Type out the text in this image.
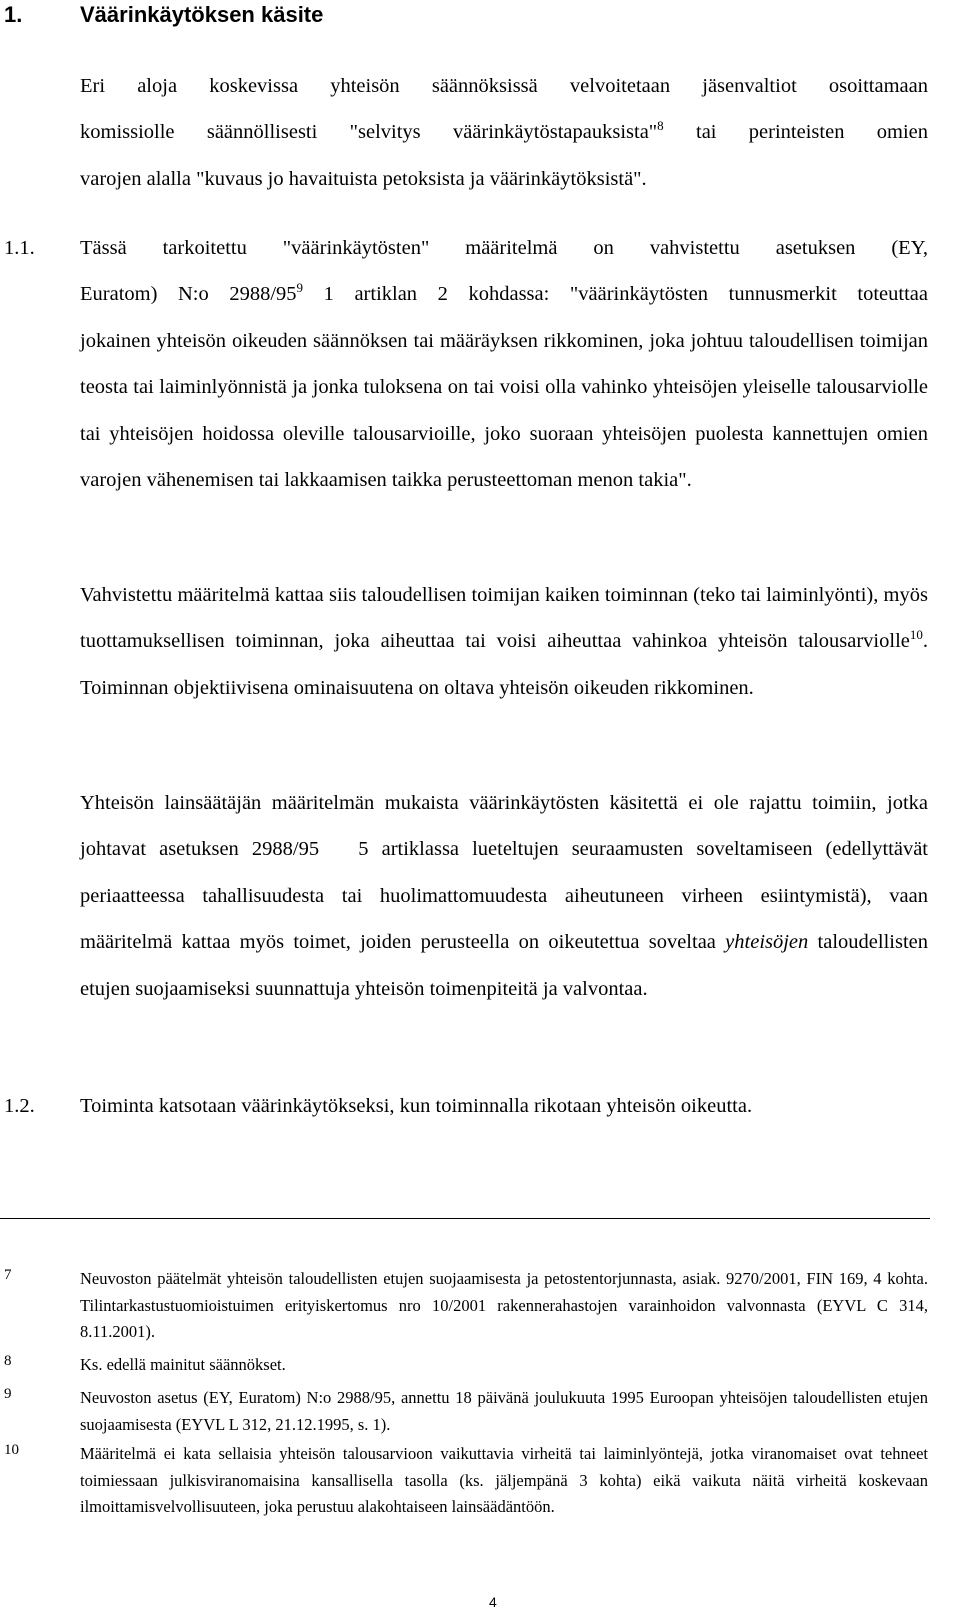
1.	Väärinkäytöksen käsite
Eri aloja koskevissa yhteisön säännöksissä velvoitetaan jäsenvaltiot osoittamaan
komissiolle säännöllisesti "selvitys väärinkäytöstapauksista"$^8$ tai perinteisten omien
varojen alalla "kuvaus jo havaituista petoksista ja väärinkäytöksistä".
1.1. Tässä tarkoitettu "väärinkäytösten" määritelmä on vahvistettu asetuksen (EY,
Euratom) N:o $2988/95^9$ 1 artiklan 2 kohdassa: "väärinkäytösten tunnusmerkit toteuttaa
jokainen yhteisön oikeuden säännöksen tai määräyksen rikkominen, joka johtuu taloudellisen toimijan teosta tai laiminlyönnistä ja jonka tuloksena on tai voisi olla vahinko yhteisöjen yleiselle talousarviolle tai yhteisöjen hoidossa oleville talousarvioille, joko suoraan yhteisöjen puolesta kannettujen omien varojen vähenemisen tai lakkaamisen taikka perusteettoman menon takia".
Vahvistettu määritelmä kattaa siis taloudellisen toimijan kaiken toiminnan (teko tai laiminlyönti), myös tuottamuksellisen toiminnan, joka aiheuttaa tai voisi aiheuttaa vahinkoa yhteisön talousarviolle$^{10}$. Toiminnan objektiivisena ominaisuutena on oltava yhteisön oikeuden rikkominen.
Yhteisön lainsäätäjän määritelmän mukaista väärinkäytösten käsitettä ei ole rajattu toimiin, jotka johtavat asetuksen 2988/95   5 artiklassa lueteltujen seuraamusten soveltamiseen (edellyttävät periaatteessa tahallisuudesta tai huolimattomuudesta aiheutuneen virheen esiintymistä), vaan määritelmä kattaa myös toimet, joiden perusteella on oikeutettua soveltaa yhteisöjen taloudellisten etujen suojaamiseksi suunnattuja yhteisön toimenpiteitä ja valvontaa.
1.2. Toiminta katsotaan väärinkäytökseksi, kun toiminnalla rikotaan yhteisön oikeutta.
7	Neuvoston päätelmät yhteisön taloudellisten etujen suojaamisesta ja petostentorjunnasta, asiak. 9270/2001, FIN 169, 4 kohta. Tilintarkastustuomioistuimen erityiskertomus nro 10/2001 rakennerahastojen varainhoidon valvonnasta (EYVL C 314, 8.11.2001).
8	Ks. edellä mainitut säännökset.
9	Neuvoston asetus (EY, Euratom) N:o 2988/95, annettu 18 päivänä joulukuuta 1995 Euroopan yhteisöjen taloudellisten etujen suojaamisesta (EYVL L 312, 21.12.1995, s. 1).
10	Määritelmä ei kata sellaisia yhteisön talousarvioon vaikuttavia virheitä tai laiminlyöntejä, jotka viranomaiset ovat tehneet toimiessaan julkisviranomaisina kansallisella tasolla (ks. jäljempänä 3 kohta) eikä vaikuta näitä virheitä koskevaan ilmoittamisvelvollisuuteen, joka perustuu alakohtaiseen lainsäädäntöön.
4
